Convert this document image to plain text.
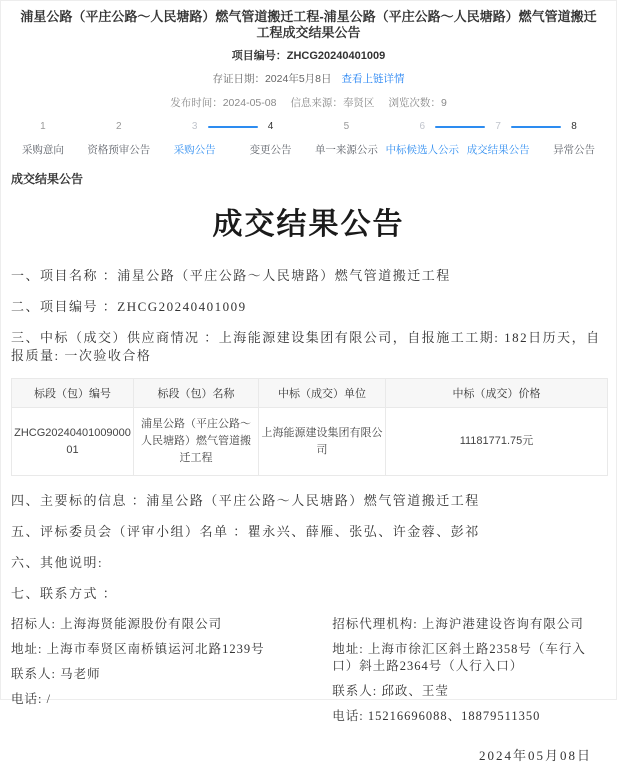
浦星公路（平庄公路～人民塘路）燃气管道搬迁工程-浦星公路（平庄公路～人民塘路）燃气管道搬迁工程成交结果公告
项目编号：ZHCG20240401009
存证日期：2024年5月8日 查看上链详情
发布时间：2024-05-08 信息来源：奉贤区 浏览次数：9
1
采购意向
2
资格预审公告
3
采购公告
4
变更公告
5
单一来源公示
6
中标候选人公示
7
成交结果公告
8
异常公告
成交结果公告
成交结果公告

一、项目名称 ：浦星公路（平庄公路～人民塘路）燃气管道搬迁工程

二、项目编号 ：ZHCG20240401009

三、中标（成交）供应商情况 ：上海能源建设集团有限公司，自报施工工期: 182日历天，自报质量: 一次验收合格

标段（包）编号	标段（包）名称	中标（成交）单位	中标（成交）价格
ZHCG2024040100900001	浦星公路（平庄公路～人民塘路）燃气管道搬迁工程	上海能源建设集团有限公司	11181771.75元

四、主要标的信息 ：浦星公路（平庄公路～人民塘路）燃气管道搬迁工程

五、评标委员会（评审小组）名单 ：瞿永兴、薛雁、张弘、许金蓉、彭祁

六、其他说明:

七、联系方式 ：

招标人: 上海海贤能源股份有限公司

地址: 上海市奉贤区南桥镇运河北路1239号

联系人: 马老师

电话: /

招标代理机构: 上海沪港建设咨询有限公司

地址: 上海市徐汇区斜土路2358号（车行入口）斜土路2364号（人行入口）

联系人: 邱政、王莹

电话: 15216696088、18879511350

2024年05月08日
